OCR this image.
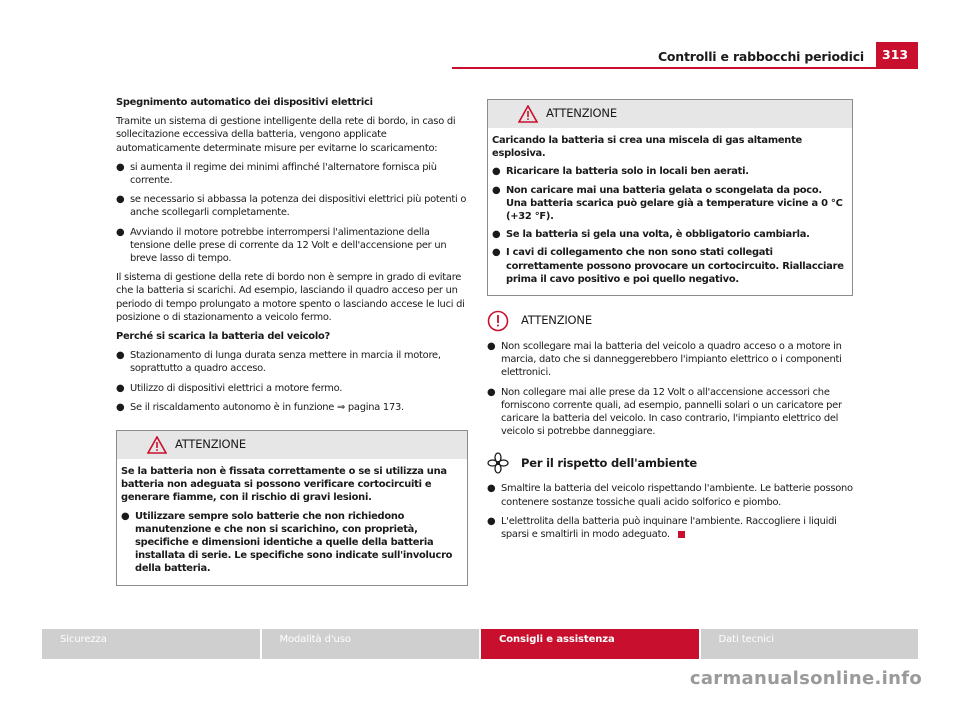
Controlli e rabbocchi periodici	313
Spegnimento automatico dei dispositivi elettrici
Tramite un sistema di gestione intelligente della rete di bordo, in caso di sollecitazione eccessiva della batteria, vengono applicate automaticamente determinate misure per evitarne lo scaricamento:
● si aumenta il regime dei minimi affinché l'alternatore fornisca più corrente.
● se necessario si abbassa la potenza dei dispositivi elettrici più potenti o anche scollegarli completamente.
● Avviando il motore potrebbe interrompersi l'alimentazione della tensione delle prese di corrente da 12 Volt e dell'accensione per un breve lasso di tempo.
Il sistema di gestione della rete di bordo non è sempre in grado di evitare che la batteria si scarichi. Ad esempio, lasciando il quadro acceso per un periodo di tempo prolungato a motore spento o lasciando accese le luci di posizione o di stazionamento a veicolo fermo.
Perché si scarica la batteria del veicolo?
● Stazionamento di lunga durata senza mettere in marcia il motore, soprattutto a quadro acceso.
● Utilizzo di dispositivi elettrici a motore fermo.
● Se il riscaldamento autonomo è in funzione ⇒ pagina 173.
ATTENZIONE
Se la batteria non è fissata correttamente o se si utilizza una batteria non adeguata si possono verificare cortocircuiti e generare fiamme, con il rischio di gravi lesioni.
● Utilizzare sempre solo batterie che non richiedono manutenzione e che non si scarichino, con proprietà, specifiche e dimensioni identiche a quelle della batteria installata di serie. Le specifiche sono indicate sull'involucro della batteria.
ATTENZIONE
Caricando la batteria si crea una miscela di gas altamente esplosiva.
● Ricaricare la batteria solo in locali ben aerati.
● Non caricare mai una batteria gelata o scongelata da poco. Una batteria scarica può gelare già a temperature vicine a 0 °C (+32 °F).
● Se la batteria si gela una volta, è obbligatorio cambiarla.
● I cavi di collegamento che non sono stati collegati correttamente possono provocare un cortocircuito. Riallacciare prima il cavo positivo e poi quello negativo.
ATTENZIONE
● Non scollegare mai la batteria del veicolo a quadro acceso o a motore in marcia, dato che si danneggerebbero l'impianto elettrico o i componenti elettronici.
● Non collegare mai alle prese da 12 Volt o all'accensione accessori che forniscono corrente quali, ad esempio, pannelli solari o un caricatore per caricare la batteria del veicolo. In caso contrario, l'impianto elettrico del veicolo si potrebbe danneggiare.
Per il rispetto dell'ambiente
● Smaltire la batteria del veicolo rispettando l'ambiente. Le batterie possono contenere sostanze tossiche quali acido solforico e piombo.
● L'elettrolita della batteria può inquinare l'ambiente. Raccogliere i liquidi sparsi e smaltirli in modo adeguato.
Sicurezza	Modalità d'uso	Consigli e assistenza	Dati tecnici
carmanualsonline.info
